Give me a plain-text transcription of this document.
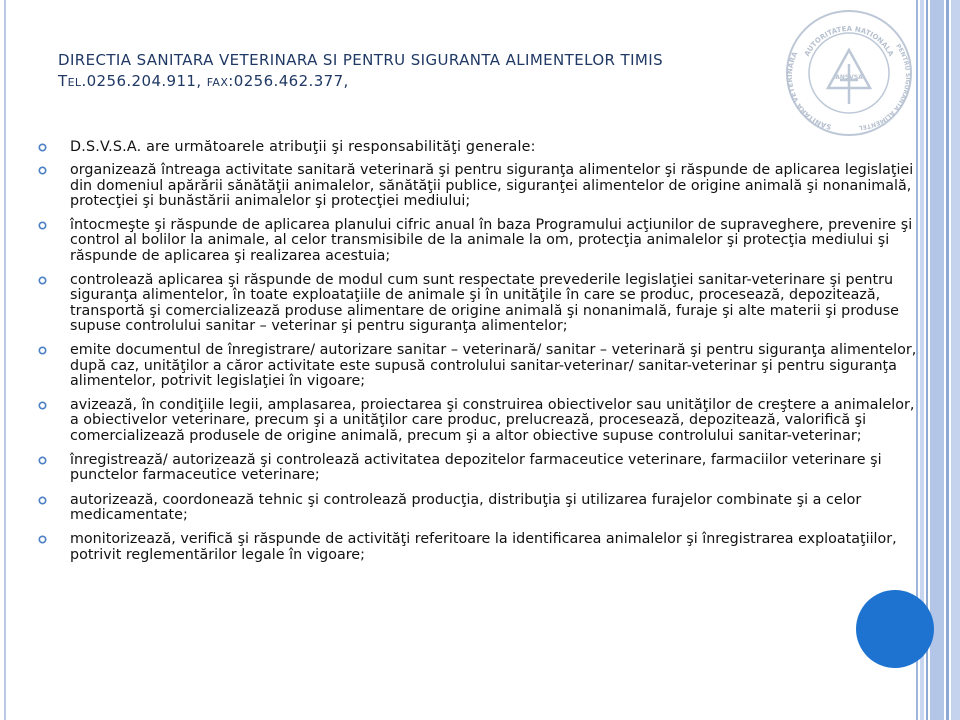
AUTORITATEA NATIONALA
SANITARA VETERINARA
PENTRU SIGURANTA ALIMENTEL
ANSVSA
DIRECTIA SANITARA VETERINARA SI PENTRU SIGURANTA ALIMENTELOR TIMIS
Tel.0256.204.911, fax:0256.462.377,
D.S.V.S.A. are următoarele atribuţii şi responsabilităţi generale:
organizează întreaga activitate sanitară veterinară şi pentru siguranţa alimentelor şi răspunde de aplicarea legislaţiei din domeniul apărării sănătăţii animalelor, sănătăţii publice, siguranţei alimentelor de origine animală şi nonanimală, protecţiei şi bunăstării animalelor şi protecţiei mediului;
întocmeşte şi răspunde de aplicarea planului cifric anual în baza Programului acţiunilor de supraveghere, prevenire şi control al bolilor la animale, al celor transmisibile de la animale la om, protecţia animalelor şi protecţia mediului şi răspunde de aplicarea şi realizarea acestuia;
controlează aplicarea şi răspunde de modul cum sunt respectate prevederile legislaţiei sanitar-veterinare şi pentru siguranţa alimentelor, în toate exploataţiile de animale şi în unităţile în care se produc, procesează, depozitează, transportă şi comercializează produse alimentare de origine animală şi nonanimală, furaje şi alte materii şi produse supuse controlului sanitar – veterinar şi pentru siguranţa alimentelor;
emite documentul de înregistrare/ autorizare sanitar – veterinară/ sanitar – veterinară şi pentru siguranţa alimentelor, după caz, unităţilor a căror activitate este supusă controlului sanitar-veterinar/ sanitar-veterinar şi pentru siguranţa alimentelor, potrivit legislaţiei în vigoare;
avizează, în condiţiile legii, amplasarea, proiectarea şi construirea obiectivelor sau unităţilor de creştere a animalelor, a obiectivelor veterinare, precum şi a unităţilor care produc, prelucrează, procesează, depozitează, valorifică şi comercializează produsele de origine animală, precum şi a altor obiective supuse controlului sanitar-veterinar;
înregistrează/ autorizează şi controlează activitatea depozitelor farmaceutice veterinare, farmaciilor veterinare şi punctelor farmaceutice veterinare;
autorizează, coordonează tehnic şi controlează producţia, distribuţia şi utilizarea furajelor combinate şi a celor medicamentate;
monitorizează, verifică şi răspunde de activităţi referitoare la identificarea animalelor şi înregistrarea exploataţiilor, potrivit reglementărilor legale în vigoare;
